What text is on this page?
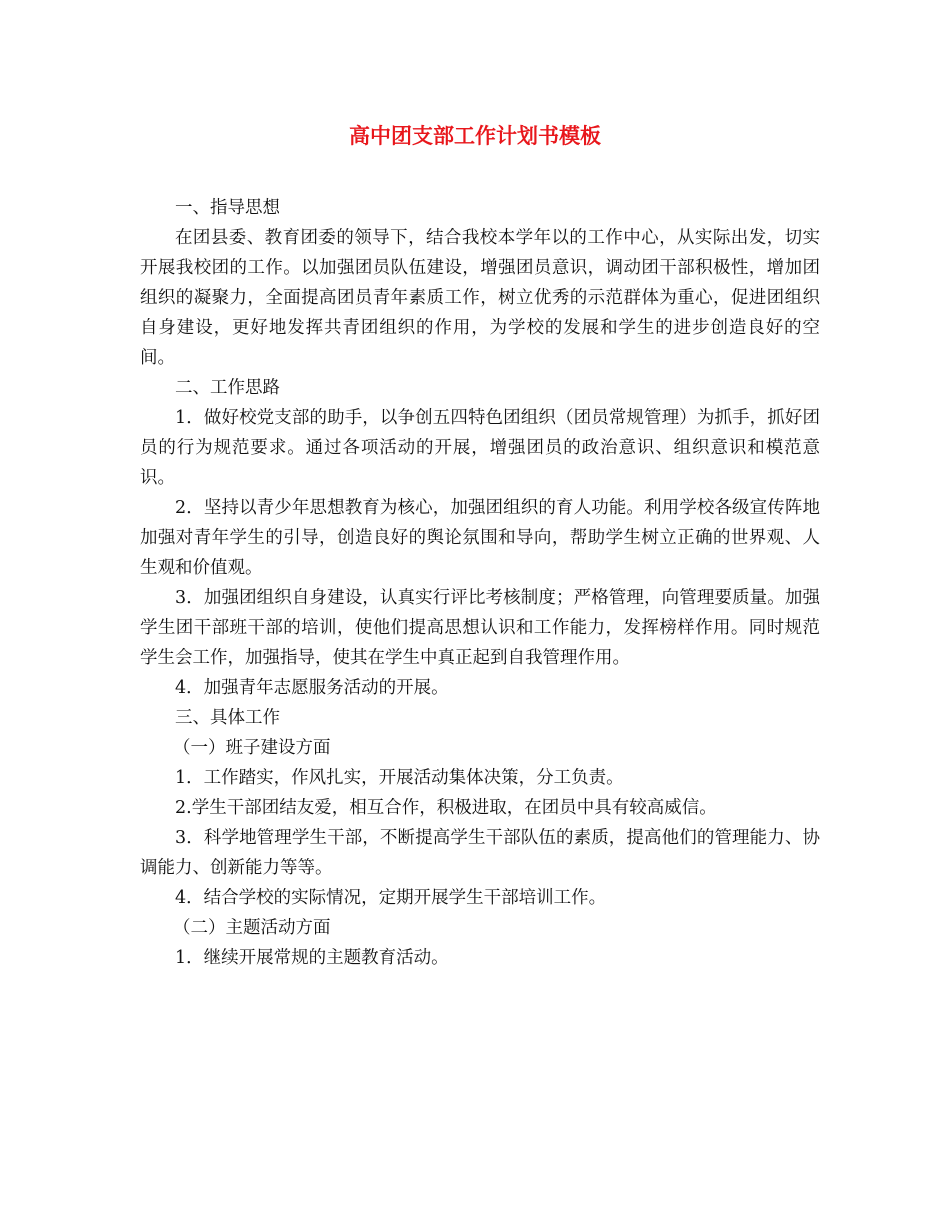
高中团支部工作计划书模板

一、指导思想

在团县委、教育团委的领导下，结合我校本学年以的工作中心，从实际出发，切实开展我校团的工作。以加强团员队伍建设，增强团员意识，调动团干部积极性，增加团组织的凝聚力，全面提高团员青年素质工作，树立优秀的示范群体为重心，促进团组织自身建设，更好地发挥共青团组织的作用，为学校的发展和学生的进步创造良好的空间。

二、工作思路

1．做好校党支部的助手，以争创五四特色团组织（团员常规管理）为抓手，抓好团员的行为规范要求。通过各项活动的开展，增强团员的政治意识、组织意识和模范意识。

2．坚持以青少年思想教育为核心，加强团组织的育人功能。利用学校各级宣传阵地加强对青年学生的引导，创造良好的舆论氛围和导向，帮助学生树立正确的世界观、人生观和价值观。

3．加强团组织自身建设，认真实行评比考核制度；严格管理，向管理要质量。加强学生团干部班干部的培训，使他们提高思想认识和工作能力，发挥榜样作用。同时规范学生会工作，加强指导，使其在学生中真正起到自我管理作用。

4．加强青年志愿服务活动的开展。

三、具体工作

（一）班子建设方面

1．工作踏实，作风扎实，开展活动集体决策，分工负责。

2.学生干部团结友爱，相互合作，积极进取，在团员中具有较高威信。

3．科学地管理学生干部，不断提高学生干部队伍的素质，提高他们的管理能力、协调能力、创新能力等等。

4．结合学校的实际情况，定期开展学生干部培训工作。

（二）主题活动方面

1．继续开展常规的主题教育活动。
